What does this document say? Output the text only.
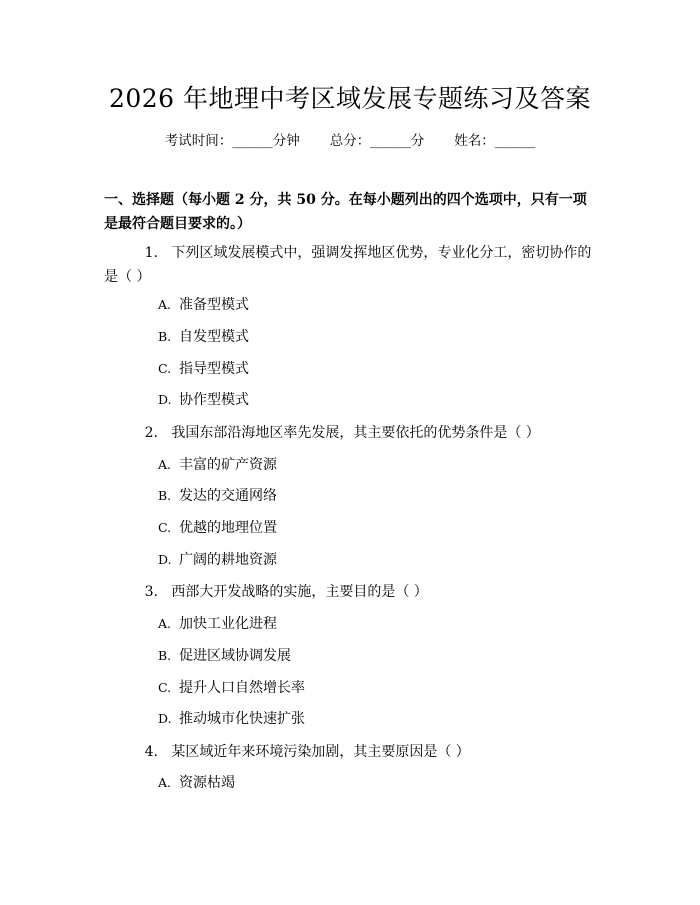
2026 年地理中考区域发展专题练习及答案
考试时间：______分钟 总分：______分 姓名：______
一、选择题（每小题 2 分，共 50 分。在每小题列出的四个选项中，只有一项是最符合题目要求的。）
1. 下列区域发展模式中，强调发挥地区优势，专业化分工，密切协作的是（ ）
A. 准备型模式
B. 自发型模式
C. 指导型模式
D. 协作型模式
2. 我国东部沿海地区率先发展，其主要依托的优势条件是（ ）
A. 丰富的矿产资源
B. 发达的交通网络
C. 优越的地理位置
D. 广阔的耕地资源
3. 西部大开发战略的实施，主要目的是（ ）
A. 加快工业化进程
B. 促进区域协调发展
C. 提升人口自然增长率
D. 推动城市化快速扩张
4. 某区域近年来环境污染加剧，其主要原因是（ ）
A. 资源枯竭
